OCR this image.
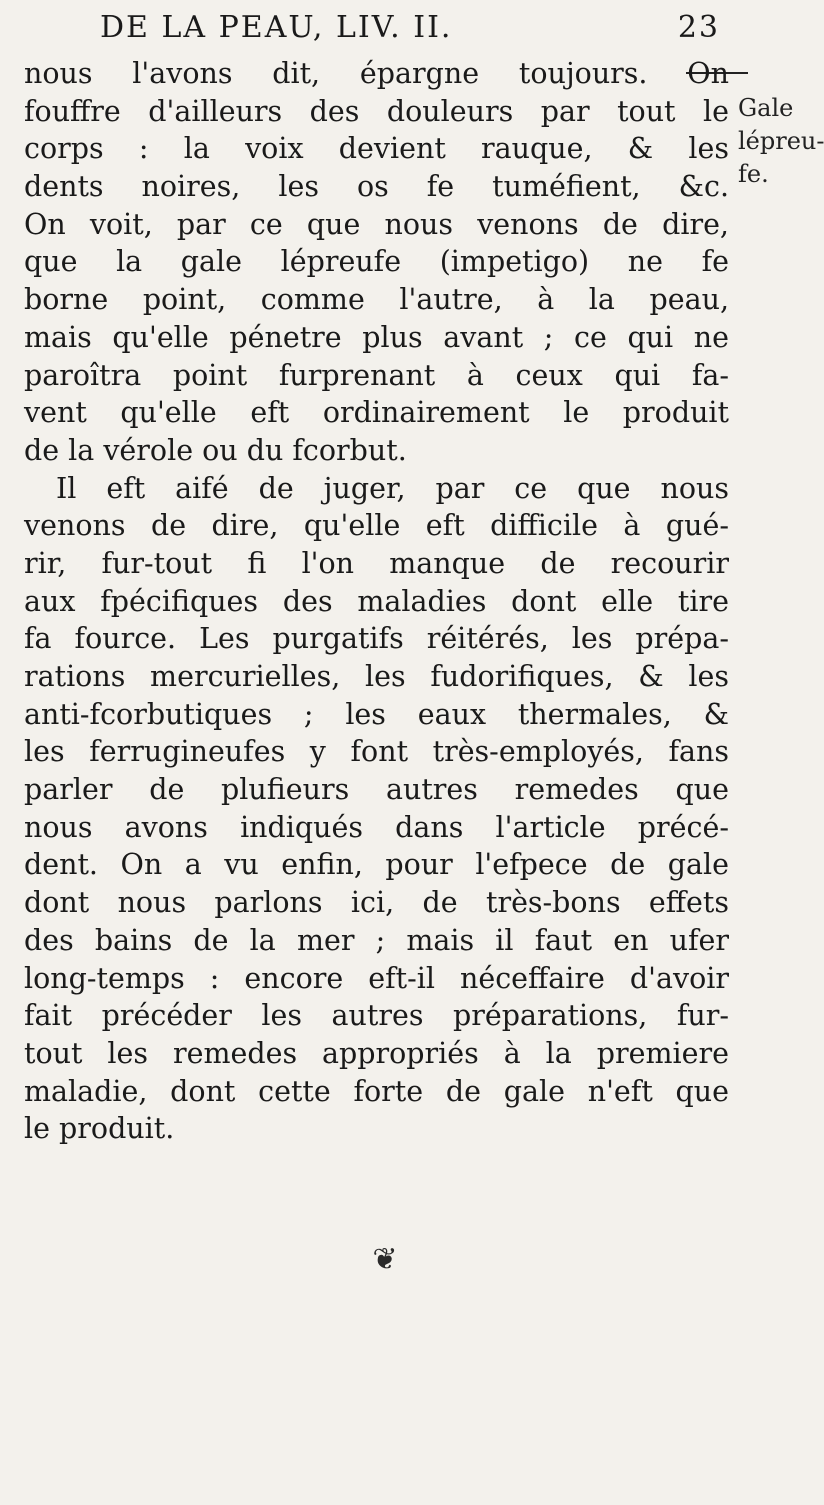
DE LA PEAU, LIV. II.	23
Gale
lépreu-
fe.
nous l'avons dit, épargne toujours. On
fouffre d'ailleurs des douleurs par tout le
corps : la voix devient rauque, & les
dents noires, les os fe tuméfient, &c.
On voit, par ce que nous venons de dire,
que la gale lépreufe (impetigo) ne fe
borne point, comme l'autre, à la peau,
mais qu'elle pénetre plus avant ; ce qui ne
paroîtra point furprenant à ceux qui fa-
vent qu'elle eft ordinairement le produit
de la vérole ou du fcorbut.
Il eft aifé de juger, par ce que nous
venons de dire, qu'elle eft difficile à gué-
rir, fur-tout fi l'on manque de recourir
aux fpécifiques des maladies dont elle tire
fa fource. Les purgatifs réitérés, les prépa-
rations mercurielles, les fudorifiques, & les
anti-fcorbutiques ; les eaux thermales, &
les ferrugineufes y font très-employés, fans
parler de plufieurs autres remedes que
nous avons indiqués dans l'article précé-
dent. On a vu enfin, pour l'efpece de gale
dont nous parlons ici, de très-bons effets
des bains de la mer ; mais il faut en ufer
long-temps : encore eft-il néceffaire d'avoir
fait précéder les autres préparations, fur-
tout les remedes appropriés à la premiere
maladie, dont cette forte de gale n'eft que
le produit.
❦
